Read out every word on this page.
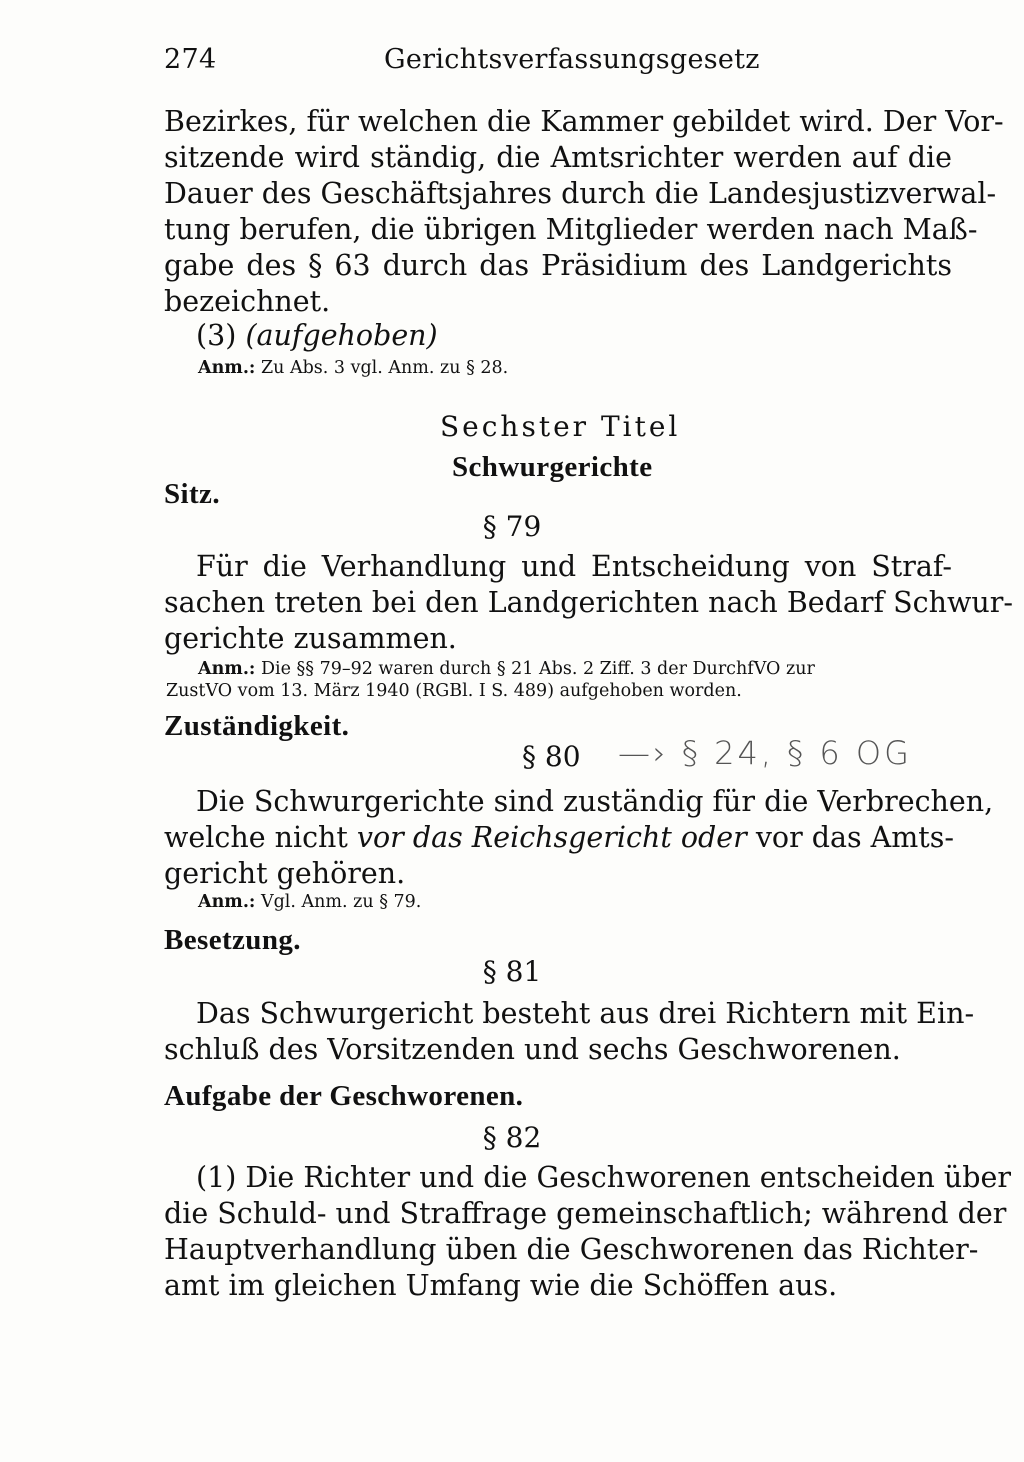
274	Gerichtsverfassungsgesetz
Bezirkes, für welchen die Kammer gebildet wird. Der Vor-
sitzende wird ständig, die Amtsrichter werden auf die
Dauer des Geschäftsjahres durch die Landesjustizverwal-
tung berufen, die übrigen Mitglieder werden nach Maß-
gabe des § 63 durch das Präsidium des Landgerichts
bezeichnet.
(3) (aufgehoben)
Anm.: Zu Abs. 3 vgl. Anm. zu § 28.
Sechster Titel
Schwurgerichte
Sitz.
§ 79
Für die Verhandlung und Entscheidung von Straf-
sachen treten bei den Landgerichten nach Bedarf Schwur-
gerichte zusammen.
Anm.: Die §§ 79–92 waren durch § 21 Abs. 2 Ziff. 3 der DurchfVO zur
ZustVO vom 13. März 1940 (RGBl. I S. 489) aufgehoben worden.
Zuständigkeit.
§ 80 —› § 24, § 6 OG
Die Schwurgerichte sind zuständig für die Verbrechen,
welche nicht vor das Reichsgericht oder vor das Amts-
gericht gehören.
Anm.: Vgl. Anm. zu § 79.
Besetzung.
§ 81
Das Schwurgericht besteht aus drei Richtern mit Ein-
schluß des Vorsitzenden und sechs Geschworenen.
Aufgabe der Geschworenen.
§ 82
(1) Die Richter und die Geschworenen entscheiden über
die Schuld- und Straffrage gemeinschaftlich; während der
Hauptverhandlung üben die Geschworenen das Richter-
amt im gleichen Umfang wie die Schöffen aus.
